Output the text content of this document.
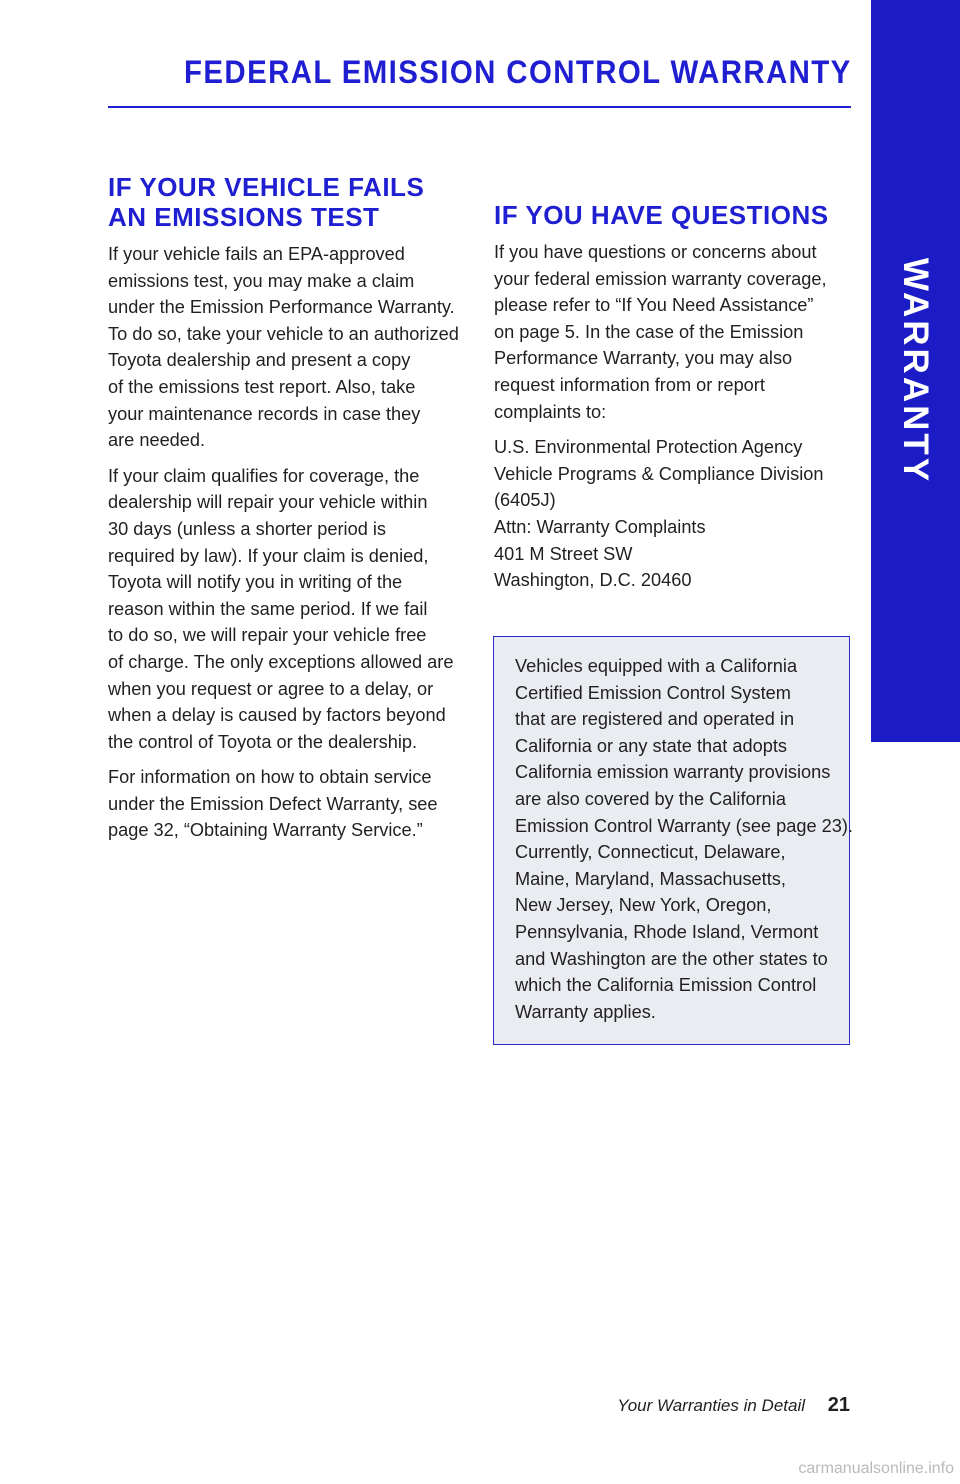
FEDERAL EMISSION CONTROL WARRANTY
WARRANTY
IF YOUR VEHICLE FAILS
AN EMISSIONS TEST

If your vehicle fails an EPA-approved
emissions test, you may make a claim
under the Emission Performance Warranty.
To do so, take your vehicle to an authorized
Toyota dealership and present a copy
of the emissions test report. Also, take
your maintenance records in case they
are needed.

If your claim qualifies for coverage, the
dealership will repair your vehicle within
30 days (unless a shorter period is
required by law). If your claim is denied,
Toyota will notify you in writing of the
reason within the same period. If we fail
to do so, we will repair your vehicle free
of charge. The only exceptions allowed are
when you request or agree to a delay, or
when a delay is caused by factors beyond
the control of Toyota or the dealership.

For information on how to obtain service
under the Emission Defect Warranty, see
page 32, “Obtaining Warranty Service.”

IF YOU HAVE QUESTIONS

If you have questions or concerns about
your federal emission warranty coverage,
please refer to “If You Need Assistance”
on page 5. In the case of the Emission
Performance Warranty, you may also
request information from or report
complaints to:

U.S. Environmental Protection Agency
Vehicle Programs & Compliance Division
(6405J)
Attn: Warranty Complaints
401 M Street SW
Washington, D.C. 20460

Vehicles equipped with a California
Certified Emission Control System
that are registered and operated in
California or any state that adopts
California emission warranty provisions
are also covered by the California
Emission Control Warranty (see page 23).
Currently, Connecticut, Delaware,
Maine, Maryland, Massachusetts,
New Jersey, New York, Oregon,
Pennsylvania, Rhode Island, Vermont
and Washington are the other states to
which the California Emission Control
Warranty applies.
Your Warranties in Detail 21
carmanualsonline.info
